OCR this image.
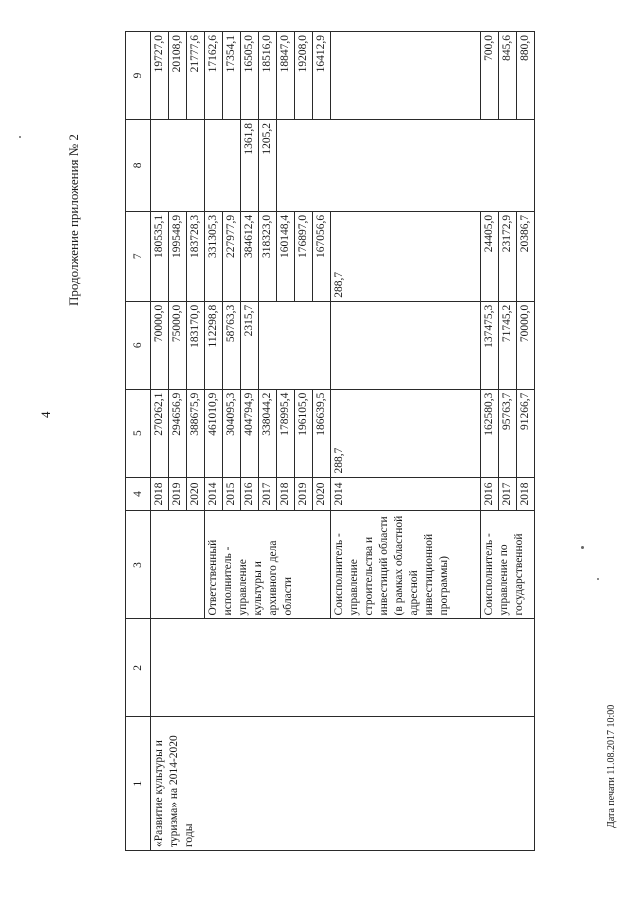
4
Продолжение приложения № 2
Дата печати 11.08.2017 10:00
1	2	3	4	5	6	7	8	9
«Развитие культуры и туризма» на 2014-2020 годы			2018	270262,1	70000,0	180535,1		19727,0
			2019	294656,9	75000,0	199548,9		20108,0
			2020	388675,9	183170,0	183728,3		21777,6
		Ответственный исполнитель - управление культуры и архивного дела области	2014	461010,9	112298,8	331305,3		17162,6
			2015	304095,3	58763,3	227977,9		17354,1
			2016	404794,9	2315,7	384612,4	1361,8	16505,0
			2017	338044,2		318323,0	1205,2	18516,0
			2018	178995,4		160148,4		18847,0
			2019	196105,0		176897,0		19208,0
			2020	186639,5		167056,6		16412,9
		Соисполнитель - управление строительства и инвестиций области (в рамках областной адресной инвестиционной программы)	2014	288,7		288,7		
		Соисполнитель - управление по государственной	2016	162580,3	137475,3	24405,0		700,0
			2017	95763,7	71745,2	23172,9		845,6
			2018	91266,7	70000,0	20386,7		880,0
